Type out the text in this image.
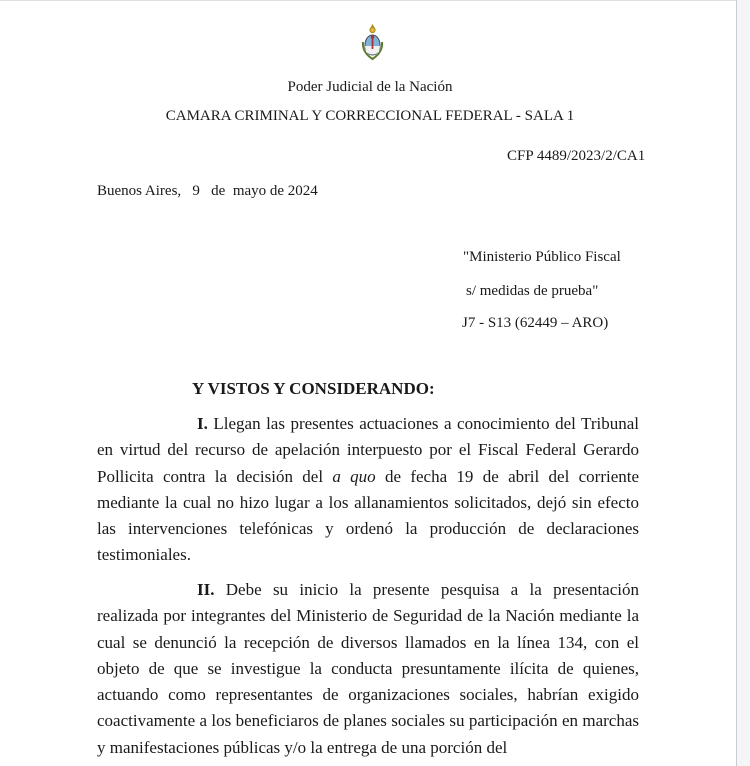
Poder Judicial de la Nación
CAMARA CRIMINAL Y CORRECCIONAL FEDERAL - SALA 1
CFP 4489/2023/2/CA1
Buenos Aires,   9   de  mayo de 2024
"Ministerio Público Fiscal
s/ medidas de prueba"
J7 - S13 (62449 – ARO)
Y VISTOS Y CONSIDERANDO:
I. Llegan las presentes actuaciones a conocimiento del Tribunal en virtud del recurso de apelación interpuesto por el Fiscal Federal Gerardo Pollicita contra la decisión del a quo de fecha 19 de abril del corriente mediante la cual no hizo lugar a los allanamientos solicitados, dejó sin efecto las intervenciones telefónicas y ordenó la producción de declaraciones testimoniales.
II. Debe su inicio la presente pesquisa a la presentación realizada por integrantes del Ministerio de Seguridad de la Nación mediante la cual se denunció la recepción de diversos llamados en la línea 134, con el objeto de que se investigue la conducta presuntamente ilícita de quienes, actuando como representantes de organizaciones sociales, habrían exigido coactivamente a los beneficiaros de planes sociales su participación en marchas y manifestaciones públicas y/o la entrega de una porción del
